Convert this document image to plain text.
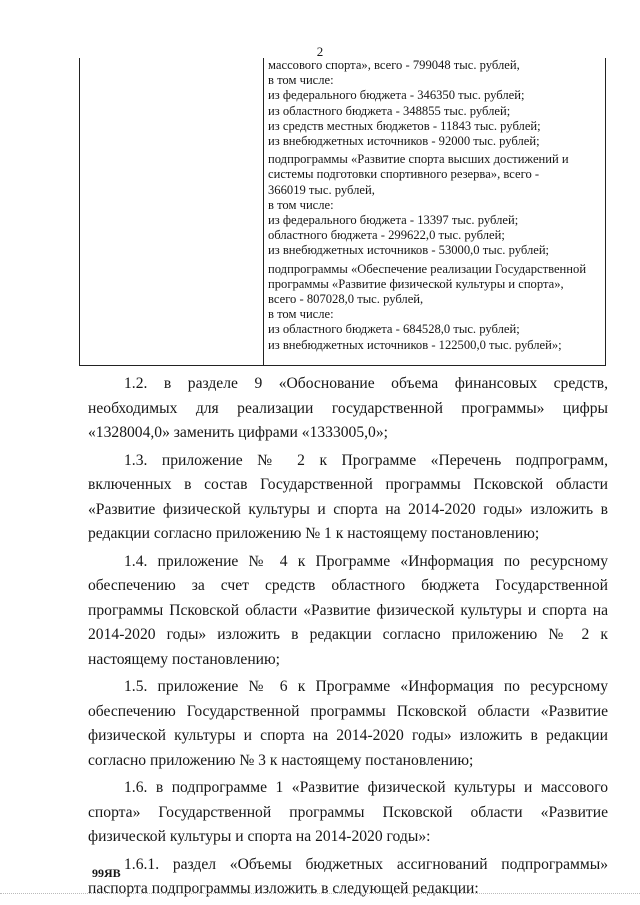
2
массового спорта», всего - 799048 тыс. рублей,
в том числе:
из федерального бюджета - 346350 тыс. рублей;
из областного бюджета - 348855 тыс. рублей;
из средств местных бюджетов - 11843 тыс. рублей;
из внебюджетных источников - 92000 тыс. рублей;
подпрограммы «Развитие спорта высших достижений и
системы подготовки спортивного резерва», всего -
366019 тыс. рублей,
в том числе:
из федерального бюджета - 13397 тыс. рублей;
областного бюджета - 299622,0 тыс. рублей;
из внебюджетных источников - 53000,0 тыс. рублей;
подпрограммы «Обеспечение реализации Государственной
программы «Развитие физической культуры и спорта»,
всего - 807028,0 тыс. рублей,
в том числе:
из областного бюджета - 684528,0 тыс. рублей;
из внебюджетных источников - 122500,0 тыс. рублей»;

1.2. в разделе 9 «Обоснование объема финансовых средств, необходимых для реализации государственной программы» цифры «1328004,0» заменить цифрами «1333005,0»;

1.3. приложение № 2 к Программе «Перечень подпрограмм, включенных в состав Государственной программы Псковской области «Развитие физической культуры и спорта на 2014-2020 годы» изложить в редакции согласно приложению № 1 к настоящему постановлению;

1.4. приложение № 4 к Программе «Информация по ресурсному обеспечению за счет средств областного бюджета Государственной программы Псковской области «Развитие физической культуры и спорта на 2014-2020 годы» изложить в редакции согласно приложению № 2 к настоящему постановлению;

1.5. приложение № 6 к Программе «Информация по ресурсному обеспечению Государственной программы Псковской области «Развитие физической культуры и спорта на 2014-2020 годы» изложить в редакции согласно приложению № 3 к настоящему постановлению;

1.6. в подпрограмме 1 «Развитие физической культуры и массового спорта» Государственной программы Псковской области «Развитие физической культуры и спорта на 2014-2020 годы»:

1.6.1. раздел «Объемы бюджетных ассигнований подпрограммы» паспорта подпрограммы изложить в следующей редакции:

99ЯВ
